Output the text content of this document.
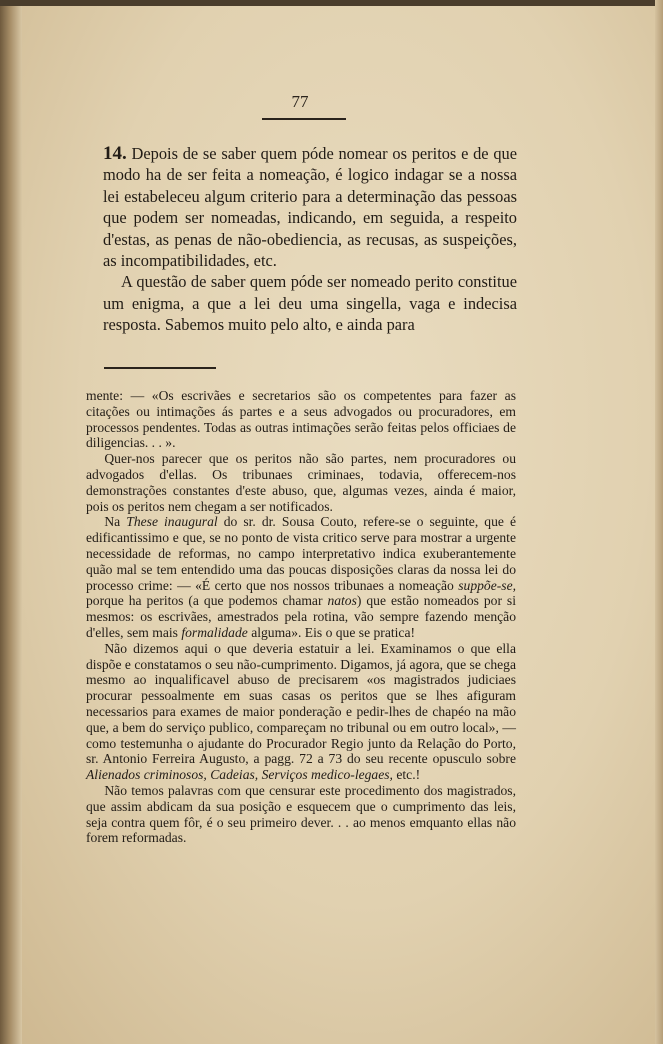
77

14. Depois de se saber quem póde nomear os peritos e de que modo ha de ser feita a nomeação, é logico indagar se a nossa lei estabeleceu algum criterio para a determinação das pessoas que podem ser nomeadas, indicando, em seguida, a respeito d'estas, as penas de não-obediencia, as recusas, as suspeições, as incompatibilidades, etc.

A questão de saber quem póde ser nomeado perito constitue um enigma, a que a lei deu uma singella, vaga e indecisa resposta. Sabemos muito pelo alto, e ainda para

mente: — «Os escrivães e secretarios são os competentes para fazer as citações ou intimações ás partes e a seus advogados ou procuradores, em processos pendentes. Todas as outras intimações serão feitas pelos officiaes de diligencias. . . ».

Quer-nos parecer que os peritos não são partes, nem procuradores ou advogados d'ellas. Os tribunaes criminaes, todavia, offerecem-nos demonstrações constantes d'este abuso, que, algumas vezes, ainda é maior, pois os peritos nem chegam a ser notificados.

Na These inaugural do sr. dr. Sousa Couto, refere-se o seguinte, que é edificantissimo e que, se no ponto de vista critico serve para mostrar a urgente necessidade de reformas, no campo interpretativo indica exuberantemente quão mal se tem entendido uma das poucas disposições claras da nossa lei do processo crime: — «É certo que nos nossos tribunaes a nomeação suppõe-se, porque ha peritos (a que podemos chamar natos) que estão nomeados por si mesmos: os escrivães, amestrados pela rotina, vão sempre fazendo menção d'elles, sem mais formalidade alguma». Eis o que se pratica!

Não dizemos aqui o que deveria estatuir a lei. Examinamos o que ella dispõe e constatamos o seu não-cumprimento. Digamos, já agora, que se chega mesmo ao inqualificavel abuso de precisarem «os magistrados judiciaes procurar pessoalmente em suas casas os peritos que se lhes afiguram necessarios para exames de maior ponderação e pedir-lhes de chapéo na mão que, a bem do serviço publico, compareçam no tribunal ou em outro local», — como testemunha o ajudante do Procurador Regio junto da Relação do Porto, sr. Antonio Ferreira Augusto, a pagg. 72 a 73 do seu recente opusculo sobre Alienados criminosos, Cadeias, Serviços medico-legaes, etc.!

Não temos palavras com que censurar este procedimento dos magistrados, que assim abdicam da sua posição e esquecem que o cumprimento das leis, seja contra quem fôr, é o seu primeiro dever. . . ao menos emquanto ellas não forem reformadas.
